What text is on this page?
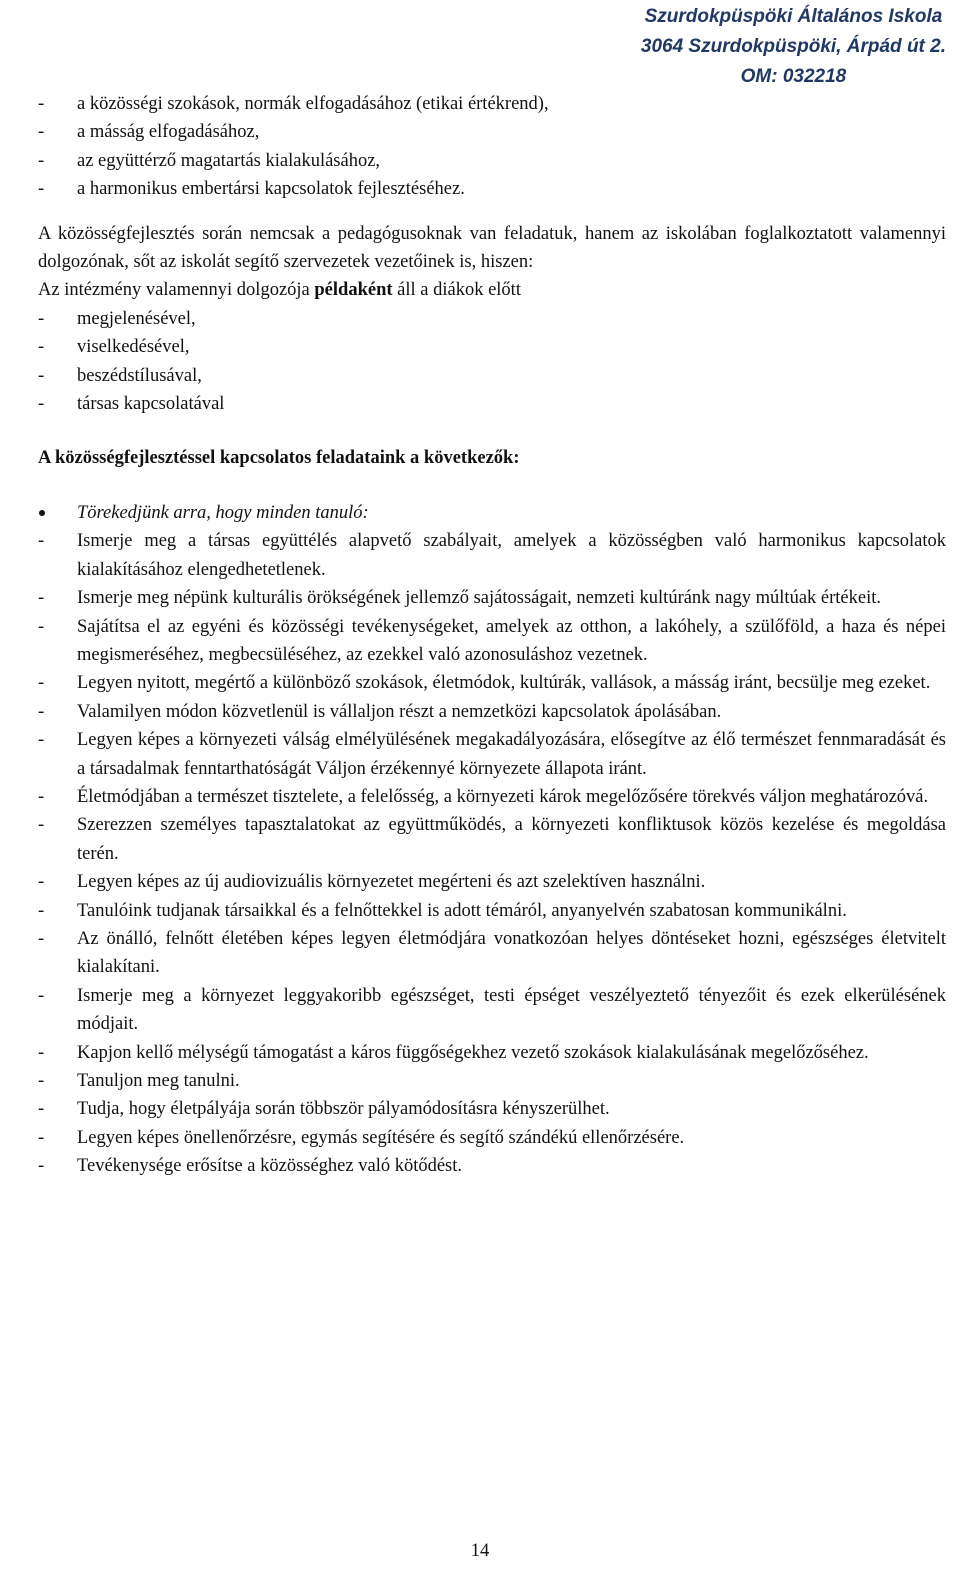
Szurdokpüspöki Általános Iskola
3064 Szurdokpüspöki, Árpád út 2.
OM: 032218
- a közösségi szokások, normák elfogadásához (etikai értékrend),
- a másság elfogadásához,
- az együttérző magatartás kialakulásához,
- a harmonikus embertársi kapcsolatok fejlesztéséhez.

A közösségfejlesztés során nemcsak a pedagógusoknak van feladatuk, hanem az iskolában foglalkoztatott valamennyi dolgozónak, sőt az iskolát segítő szervezetek vezetőinek is, hiszen:
Az intézmény valamennyi dolgozója példaként áll a diákok előtt

- megjelenésével,
- viselkedésével,
- beszédstílusával,
- társas kapcsolatával

A közösségfejlesztéssel kapcsolatos feladataink a következők:

Törekedjünk arra, hogy minden tanuló:

- Ismerje meg a társas együttélés alapvető szabályait, amelyek a közösségben való harmonikus kapcsolatok kialakításához elengedhetetlenek.
- Ismerje meg népünk kulturális örökségének jellemző sajátosságait, nemzeti kultúránk nagy múltúak értékeit.
- Sajátítsa el az egyéni és közösségi tevékenységeket, amelyek az otthon, a lakóhely, a szülőföld, a haza és népei megismeréséhez, megbecsüléséhez, az ezekkel való azonosuláshoz vezetnek.
- Legyen nyitott, megértő a különböző szokások, életmódok, kultúrák, vallások, a másság iránt, becsülje meg ezeket.
- Valamilyen módon közvetlenül is vállaljon részt a nemzetközi kapcsolatok ápolásában.
- Legyen képes a környezeti válság elmélyülésének megakadályozására, elősegítve az élő természet fennmaradását és a társadalmak fenntarthatóságát Váljon érzékennyé környezete állapota iránt.
- Életmódjában a természet tisztelete, a felelősség, a környezeti károk megelőzősére törekvés váljon meghatározóvá.
- Szerezzen személyes tapasztalatokat az együttműködés, a környezeti konfliktusok közös kezelése és megoldása terén.
- Legyen képes az új audiovizuális környezetet megérteni és azt szelektíven használni.
- Tanulóink tudjanak társaikkal és a felnőttekkel is adott témáról, anyanyelvén szabatosan kommunikálni.
- Az önálló, felnőtt életében képes legyen életmódjára vonatkozóan helyes döntéseket hozni, egészséges életvitelt kialakítani.
- Ismerje meg a környezet leggyakoribb egészséget, testi épséget veszélyeztető tényezőit és ezek elkerülésének módjait.
- Kapjon kellő mélységű támogatást a káros függőségekhez vezető szokások kialakulásának megelőzőséhez.
- Tanuljon meg tanulni.
- Tudja, hogy életpályája során többször pályamódosításra kényszerülhet.
- Legyen képes önellenőrzésre, egymás segítésére és segítő szándékú ellenőrzésére.
- Tevékenysége erősítse a közösséghez való kötődést.
14
